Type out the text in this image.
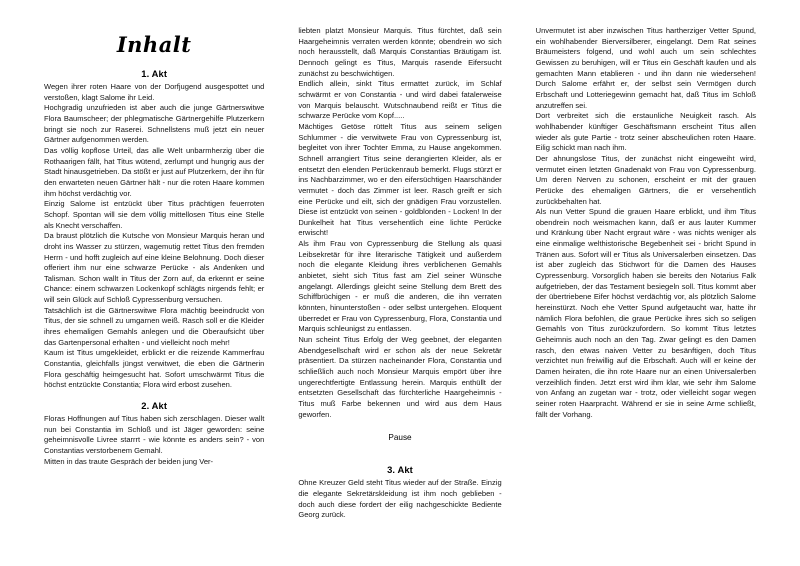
Inhalt
1. Akt

Wegen ihrer roten Haare von der Dorfjugend ausgespottet und verstoßen, klagt Salome ihr Leid.

Hochgradig unzufrieden ist aber auch die junge Gärtnerswitwe Flora Baumscheer; der phlegmatische Gärtnergehilfe Plutzerkern bringt sie noch zur Raserei. Schnellstens muß jetzt ein neuer Gärtner aufgenommen werden.

Das völlig kopflose Urteil, das alle Welt unbarmherzig über die Rothaarigen fällt, hat Titus wütend, zerlumpt und hungrig aus der Stadt hinausgetrieben. Da stößt er just auf Plutzerkern, der ihn für den erwarteten neuen Gärtner hält - nur die roten Haare kommen ihm höchst verdächtig vor.

Einzig Salome ist entzückt über Titus prächtigen feuerroten Schopf. Spontan will sie dem völlig mittellosen Titus eine Stelle als Knecht verschaffen.

Da braust plötzlich die Kutsche von Monsieur Marquis heran und droht ins Wasser zu stürzen, wagemutig rettet Titus den fremden Herrn - und hofft zugleich auf eine kleine Belohnung. Doch dieser offeriert ihm nur eine schwarze Perücke - als Andenken und Talisman. Schon wallt in Titus der Zorn auf, da erkennt er seine Chance: einem schwarzen Lockenkopf schlägts nirgends fehlt; er will sein Glück auf Schloß Cypressenburg versuchen.

Tatsächlich ist die Gärtnerswitwe Flora mächtig beeindruckt von Titus, der sie schnell zu umgarnen weiß. Rasch soll er die Kleider ihres ehemaligen Gemahls anlegen und die Oberaufsicht über das Gartenpersonal erhalten - und vielleicht noch mehr!

Kaum ist Titus umgekleidet, erblickt er die reizende Kammerfrau Constantia, gleichfalls jüngst verwitwet, die eben die Gärtnerin Flora geschäftig heimgesucht hat. Sofort umschwärmt Titus die höchst entzückte Constantia; Flora wird erbost zusehen.

2. Akt

Floras Hoffnungen auf Titus haben sich zerschlagen. Dieser wallt nun bei Constantia im Schloß und ist Jäger geworden: seine geheimnisvolle Livree starrrt - wie könnte es anders sein? - von Constantias verstorbenem Gemahl.

Mitten in das traute Gespräch der beiden jung Ver-

liebten platzt Monsieur Marquis. Titus fürchtet, daß sein Haargeheimnis verraten werden könnte; obendrein wo sich noch herausstellt, daß Marquis Constantias Bräutigam ist. Dennoch gelingt es Titus, Marquis rasende Eifersucht zunächst zu beschwichtigen.

Endlich allein, sinkt Titus ermattet zurück, im Schlaf schwärmt er von Constantia - und wird dabei fatalerweise von Marquis belauscht. Wutschnaubend reißt er Titus die schwarze Perücke vom Kopf.....

Mächtiges Getöse rüttelt Titus aus seinem seligen Schlummer - die verwitwete Frau von Cypressenburg ist, begleitet von ihrer Tochter Emma, zu Hause angekommen. Schnell arrangiert Titus seine derangierten Kleider, als er entsetzt den elenden Perückenraub bemerkt. Flugs stürzt er ins Nachbarzimmer, wo er den eifersüchtigen Haarschänder vermutet - doch das Zimmer ist leer. Rasch greift er sich eine Perücke und eilt, sich der gnädigen Frau vorzustellen. Diese ist entzückt von seinen - goldblonden - Locken! In der Dunkelheit hat Titus versehentlich eine lichte Perücke erwischt!

Als ihm Frau von Cypressenburg die Stellung als quasi Leibsekretär für ihre literarische Tätigkeit und außerdem noch die elegante Kleidung ihres verblichenen Gemahls anbietet, sieht sich Titus fast am Ziel seiner Wünsche angelangt. Allerdings gleicht seine Stellung dem Brett des Schiffbrüchigen - er muß die anderen, die ihn verraten könnten, hinunterstoßen - oder selbst untergehen. Eloquent überredet er Frau von Cypressenburg, Flora, Constantia und Marquis schleunigst zu entlassen.

Nun scheint Titus Erfolg der Weg geebnet, der eleganten Abendgesellschaft wird er schon als der neue Sekretär präsentiert. Da stürzen nacheinander Flora, Constantia und schließlich auch noch Monsieur Marquis empört über ihre ungerechtfertigte Entlassung herein. Marquis enthüllt der entsetzten Gesellschaft das fürchterliche Haargeheimnis - Titus muß Farbe bekennen und wird aus dem Haus geworfen.

Pause
3. Akt

Ohne Kreuzer Geld steht Titus wieder auf der Straße. Einzig die elegante Sekretärskleidung ist ihm noch geblieben - doch auch diese fordert der eilig nachgeschickte Bediente Georg zurück.

Unvermutet ist aber inzwischen Titus hartherziger Vetter Spund, ein wohlhabender Bierversilberer, eingelangt. Dem Rat seines Bräumeisters folgend, und wohl auch um sein schlechtes Gewissen zu beruhigen, will er Titus ein Geschäft kaufen und als gemachten Mann etablieren - und ihn dann nie wiedersehen! Durch Salome erfährt er, der selbst sein Vermögen durch Erbschaft und Lotteriegewinn gemacht hat, daß Titus im Schloß anzutreffen sei.

Dort verbreitet sich die erstaunliche Neuigkeit rasch. Als wohlhabender künftiger Geschäftsmann erscheint Titus allen wieder als gute Partie - trotz seiner abscheulichen roten Haare. Eilig schickt man nach ihm.

Der ahnungslose Titus, der zunächst nicht eingeweiht wird, vermutet einen letzten Gnadenakt von Frau von Cypressenburg. Um deren Nerven zu schonen, erscheint er mit der grauen Perücke des ehemaligen Gärtners, die er versehentlich zurückbehalten hat.

Als nun Vetter Spund die grauen Haare erblickt, und ihm Titus obendrein noch weismachen kann, daß er aus lauter Kummer und Kränkung über Nacht ergraut wäre - was nichts weniger als eine einmalige welthistorische Begebenheit sei - bricht Spund in Tränen aus. Sofort will er Titus als Universalerben einsetzen. Das ist aber zugleich das Stichwort für die Damen des Hauses Cypressenburg. Vorsorglich haben sie bereits den Notarius Falk aufgetrieben, der das Testament besiegeln soll. Titus kommt aber der übertriebene Eifer höchst verdächtig vor, als plötzlich Salome hereinstürzt. Noch ehe Vetter Spund aufgetaucht war, hatte ihr nämlich Flora befohlen, die graue Perücke ihres sich so seligen Gemahls von Titus zurückzufordern. So kommt Titus letztes Geheimnis auch noch an den Tag. Zwar gelingt es den Damen rasch, den etwas naiven Vetter zu besänftigen, doch Titus verzichtet nun freiwillig auf die Erbschaft. Auch will er keine der Damen heiraten, die ihn rote Haare nur an einen Universalerben verzeihlich finden. Jetzt erst wird ihm klar, wie sehr ihm Salome von Anfang an zugetan war - trotz, oder vielleicht sogar wegen seiner roten Haarpracht. Während er sie in seine Arme schließt, fällt der Vorhang.
